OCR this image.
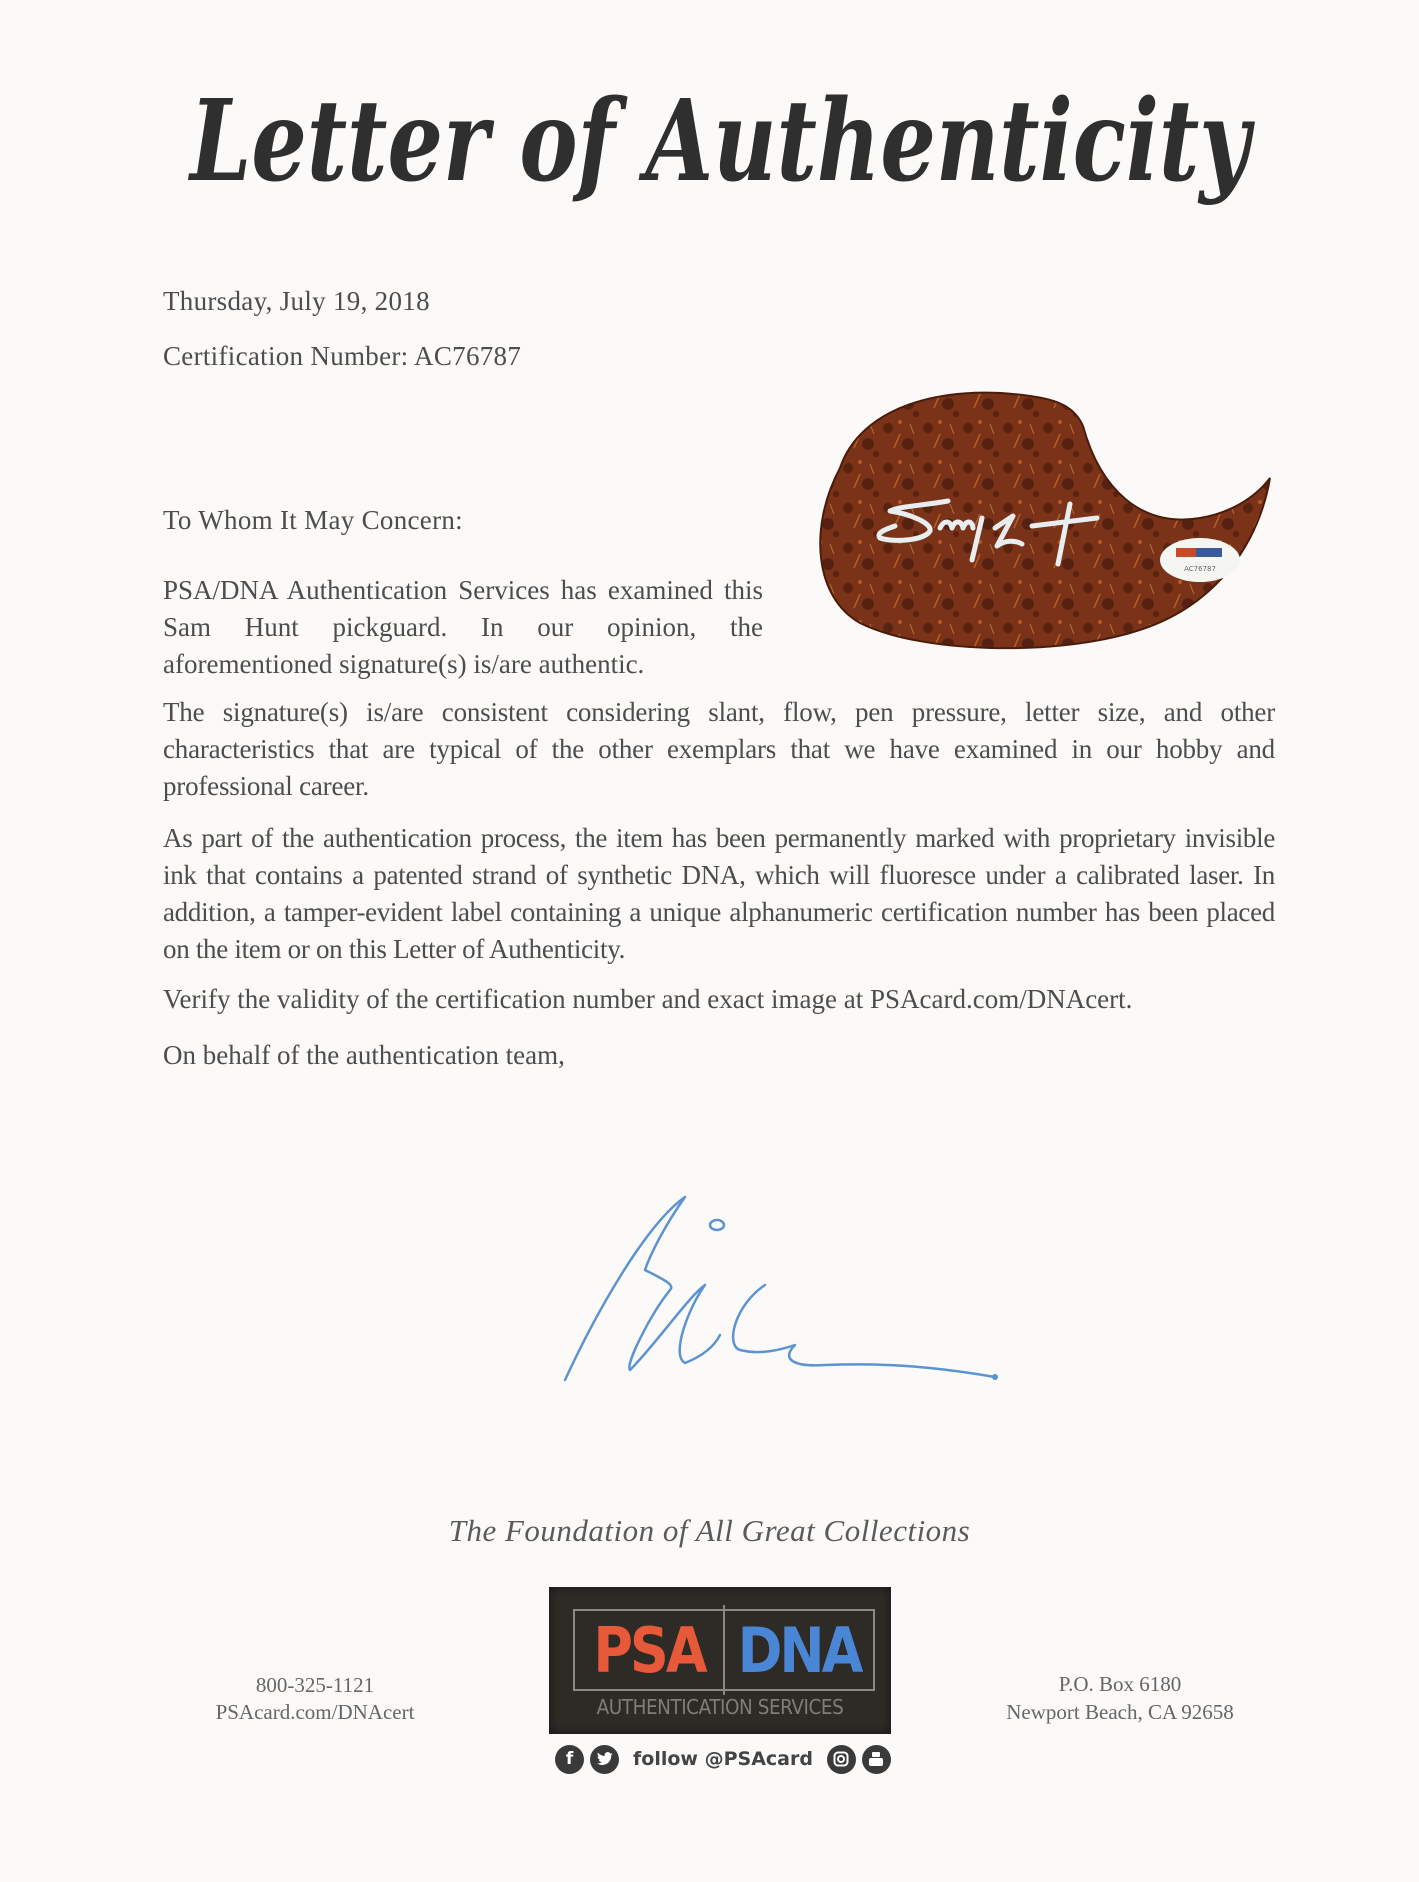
Letter of Authenticity
Thursday, July 19, 2018
Certification Number: AC76787
AC76787
To Whom It May Concern:
PSA/DNA Authentication Services has examined this Sam Hunt pickguard. In our opinion, the aforementioned signature(s) is/are authentic.
The signature(s) is/are consistent considering slant, flow, pen pressure, letter size, and other characteristics that are typical of the other exemplars that we have examined in our hobby and professional career.
As part of the authentication process, the item has been permanently marked with proprietary invisible ink that contains a patented strand of synthetic DNA, which will fluoresce under a calibrated laser. In addition, a tamper-evident label containing a unique alphanumeric certification number has been placed on the item or on this Letter of Authenticity.
Verify the validity of the certification number and exact image at PSAcard.com/DNAcert.
On behalf of the authentication team,
The Foundation of All Great Collections
800-325-1121
PSAcard.com/DNAcert
PSA DNA
AUTHENTICATION SERVICES
f	follow @PSAcard
P.O. Box 6180
Newport Beach, CA 92658
